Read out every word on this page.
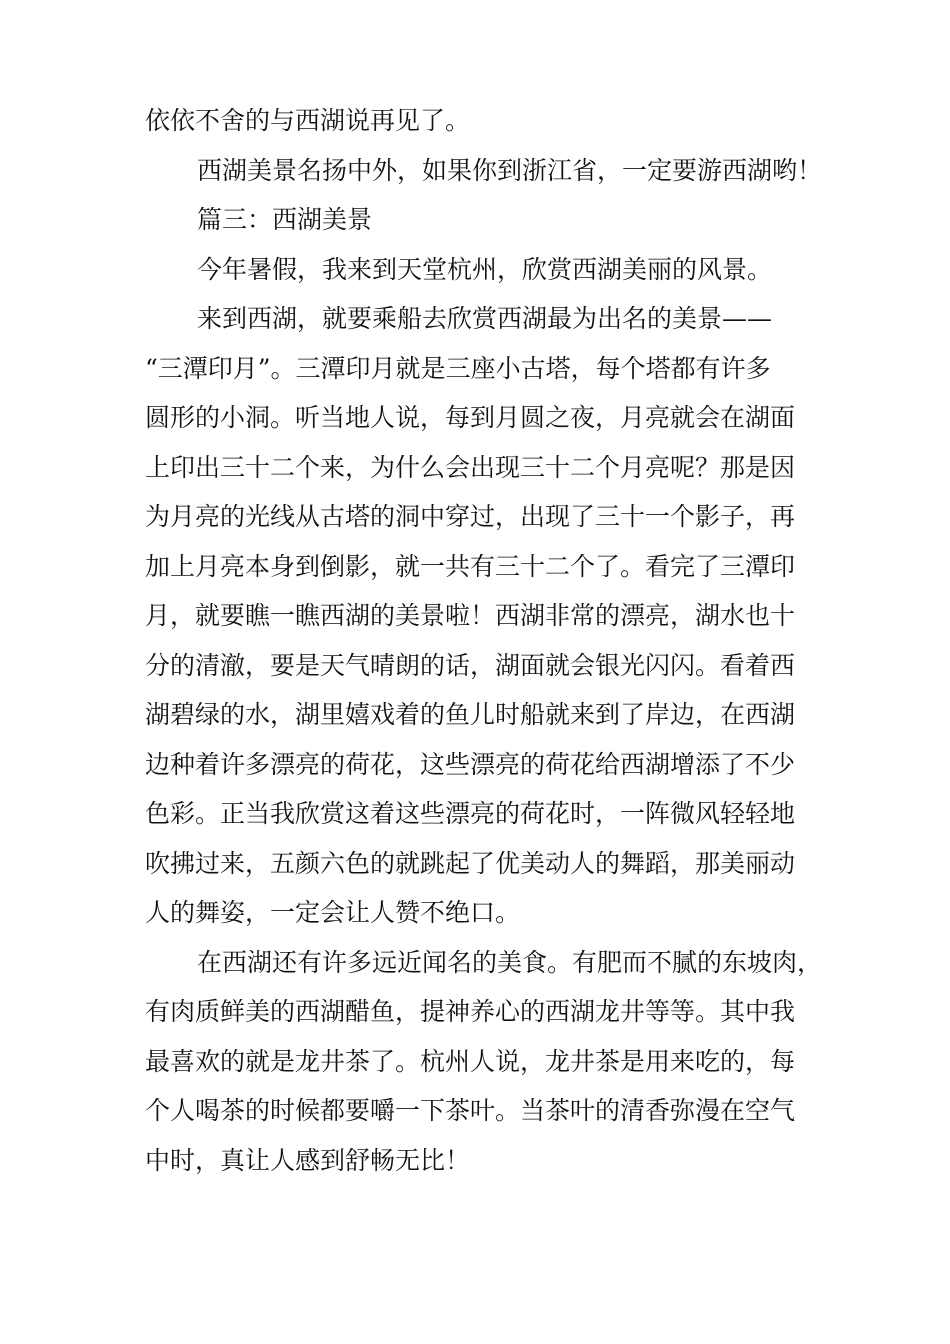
依依不舍的与西湖说再见了。
西湖美景名扬中外，如果你到浙江省，一定要游西湖哟！
篇三：西湖美景
今年暑假，我来到天堂杭州，欣赏西湖美丽的风景。
来到西湖，就要乘船去欣赏西湖最为出名的美景——
“三潭印月”。三潭印月就是三座小古塔，每个塔都有许多
圆形的小洞。听当地人说，每到月圆之夜，月亮就会在湖面
上印出三十二个来，为什么会出现三十二个月亮呢？那是因
为月亮的光线从古塔的洞中穿过，出现了三十一个影子，再
加上月亮本身到倒影，就一共有三十二个了。看完了三潭印
月，就要瞧一瞧西湖的美景啦！西湖非常的漂亮，湖水也十
分的清澈，要是天气晴朗的话，湖面就会银光闪闪。看着西
湖碧绿的水，湖里嬉戏着的鱼儿时船就来到了岸边，在西湖
边种着许多漂亮的荷花，这些漂亮的荷花给西湖增添了不少
色彩。正当我欣赏这着这些漂亮的荷花时，一阵微风轻轻地
吹拂过来，五颜六色的就跳起了优美动人的舞蹈，那美丽动
人的舞姿，一定会让人赞不绝口。
在西湖还有许多远近闻名的美食。有肥而不腻的东坡肉，
有肉质鲜美的西湖醋鱼，提神养心的西湖龙井等等。其中我
最喜欢的就是龙井茶了。杭州人说，龙井茶是用来吃的，每
个人喝茶的时候都要嚼一下茶叶。当茶叶的清香弥漫在空气
中时，真让人感到舒畅无比！
